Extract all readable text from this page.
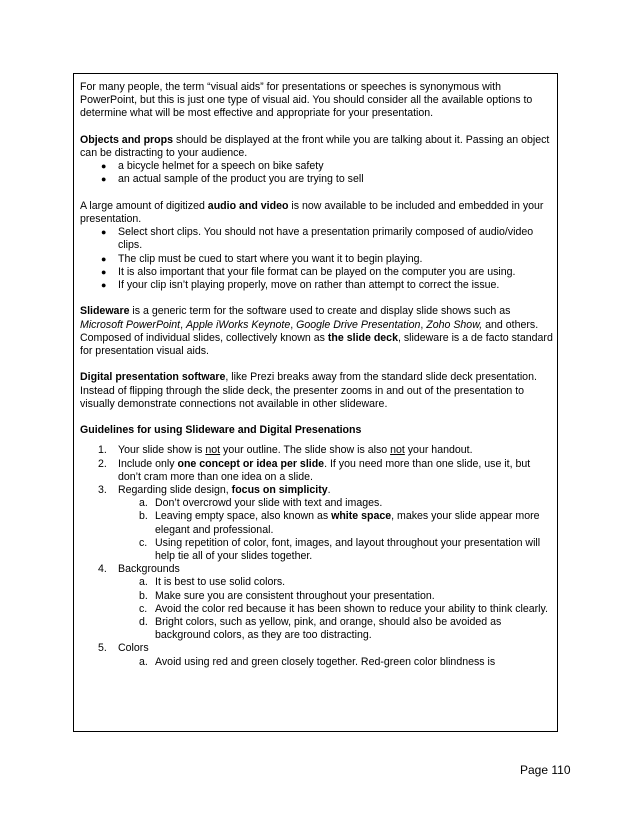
For many people, the term “visual aids” for presentations or speeches is synonymous with PowerPoint, but this is just one type of visual aid. You should consider all the available options to determine what will be most effective and appropriate for your presentation.

Objects and props should be displayed at the front while you are talking about it. Passing an object can be distracting to your audience.

● a bicycle helmet for a speech on bike safety
● an actual sample of the product you are trying to sell

A large amount of digitized audio and video is now available to be included and embedded in your presentation.

● Select short clips. You should not have a presentation primarily composed of audio/video clips.
● The clip must be cued to start where you want it to begin playing.
● It is also important that your file format can be played on the computer you are using.
● If your clip isn’t playing properly, move on rather than attempt to correct the issue.

Slideware is a generic term for the software used to create and display slide shows such as Microsoft PowerPoint, Apple iWorks Keynote, Google Drive Presentation, Zoho Show, and others. Composed of individual slides, collectively known as the slide deck, slideware is a de facto standard for presentation visual aids.

Digital presentation software, like Prezi breaks away from the standard slide deck presentation. Instead of flipping through the slide deck, the presenter zooms in and out of the presentation to visually demonstrate connections not available in other slideware.

Guidelines for using Slideware and Digital Presenations

1. Your slide show is not your outline. The slide show is also not your handout.
2. Include only one concept or idea per slide. If you need more than one slide, use it, but don’t cram more than one idea on a slide.
3. Regarding slide design, focus on simplicity.
a. Don’t overcrowd your slide with text and images.
b. Leaving empty space, also known as white space, makes your slide appear more elegant and professional.
c. Using repetition of color, font, images, and layout throughout your presentation will help tie all of your slides together.
4. Backgrounds
a. It is best to use solid colors.
b. Make sure you are consistent throughout your presentation.
c. Avoid the color red because it has been shown to reduce your ability to think clearly.
d. Bright colors, such as yellow, pink, and orange, should also be avoided as background colors, as they are too distracting.
5. Colors
a. Avoid using red and green closely together. Red-green color blindness is
Page 110
